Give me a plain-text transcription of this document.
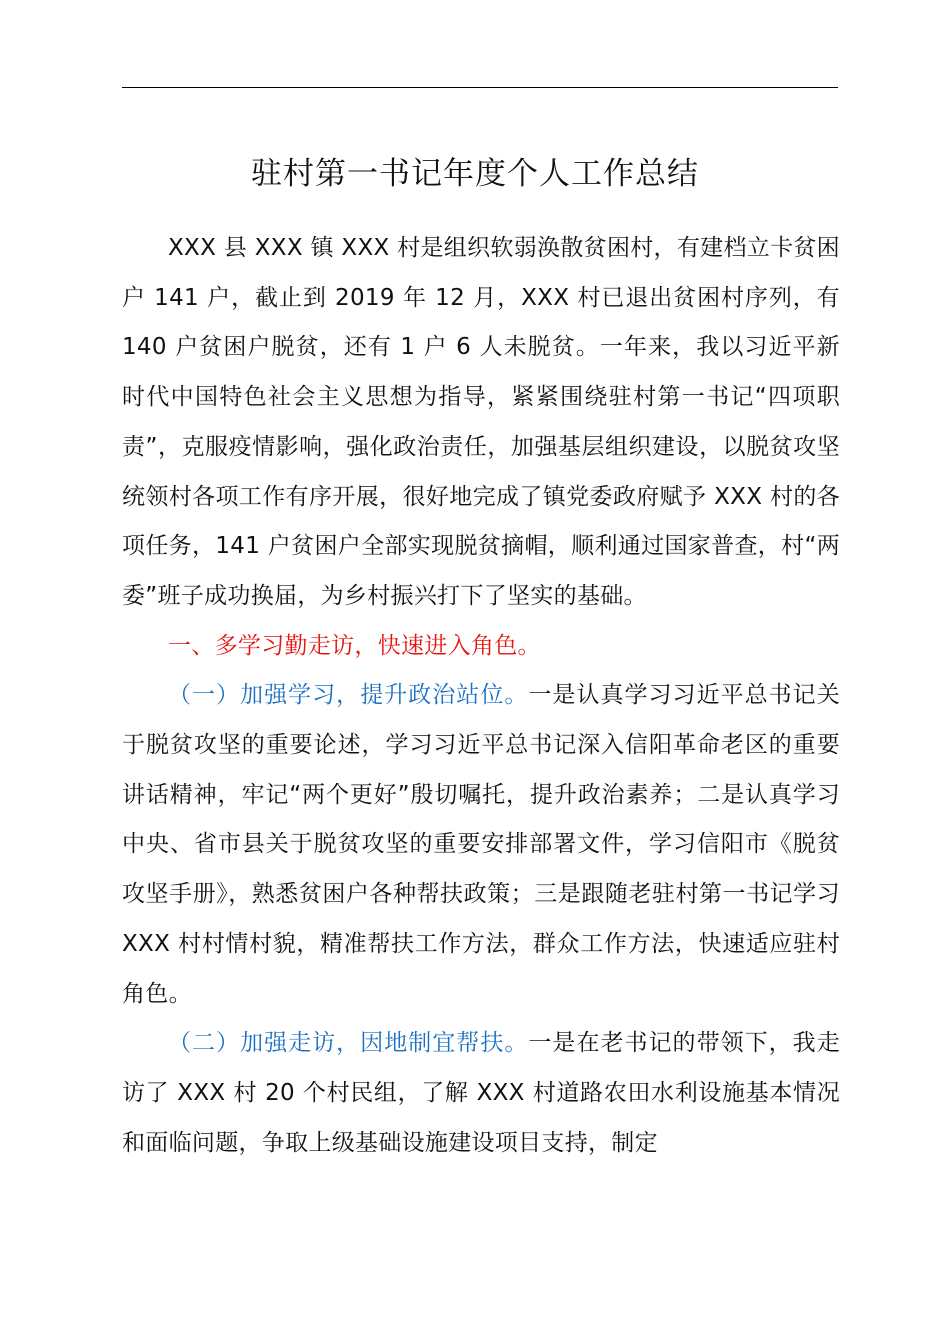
驻村第一书记年度个人工作总结

XXX 县 XXX 镇 XXX 村是组织软弱涣散贫困村，有建档立卡贫困户 141 户，截止到 2019 年 12 月，XXX 村已退出贫困村序列，有 140 户贫困户脱贫，还有 1 户 6 人未脱贫。一年来，我以习近平新时代中国特色社会主义思想为指导，紧紧围绕驻村第一书记“四项职责”，克服疫情影响，强化政治责任，加强基层组织建设，以脱贫攻坚统领村各项工作有序开展，很好地完成了镇党委政府赋予 XXX 村的各项任务，141 户贫困户全部实现脱贫摘帽，顺利通过国家普查，村“两委”班子成功换届，为乡村振兴打下了坚实的基础。

一、多学习勤走访，快速进入角色。

（一）加强学习，提升政治站位。一是认真学习习近平总书记关于脱贫攻坚的重要论述，学习习近平总书记深入信阳革命老区的重要讲话精神，牢记“两个更好”殷切嘱托，提升政治素养；二是认真学习中央、省市县关于脱贫攻坚的重要安排部署文件，学习信阳市《脱贫攻坚手册》，熟悉贫困户各种帮扶政策；三是跟随老驻村第一书记学习 XXX 村村情村貌，精准帮扶工作方法，群众工作方法，快速适应驻村角色。

（二）加强走访，因地制宜帮扶。一是在老书记的带领下，我走访了 XXX 村 20 个村民组，了解 XXX 村道路农田水利设施基本情况和面临问题，争取上级基础设施建设项目支持，制定
